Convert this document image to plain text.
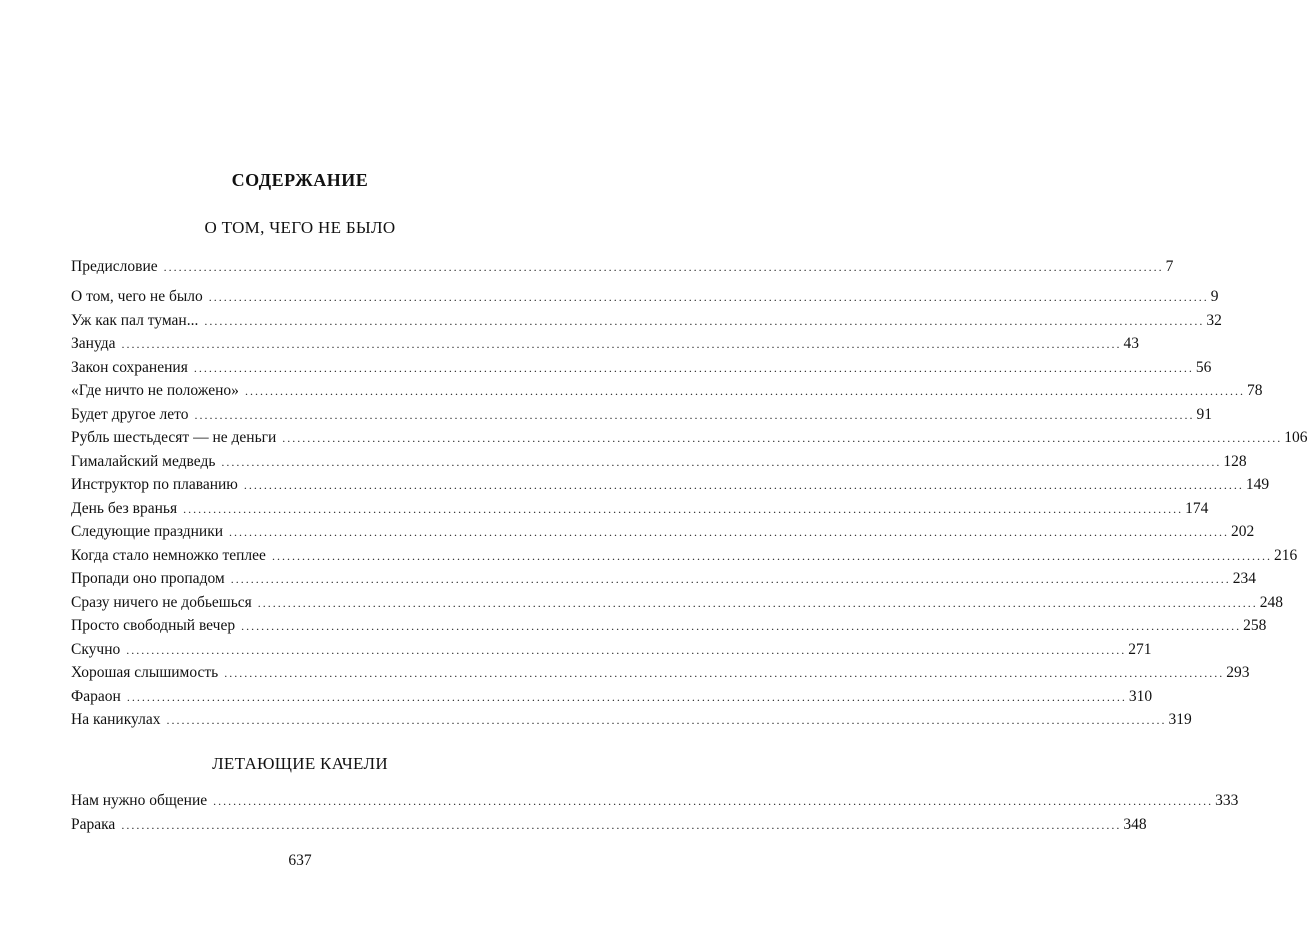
СОДЕРЖАНИЕ
О ТОМ, ЧЕГО НЕ БЫЛО
Предисловие ........................................................................................................................................................................................................ 7
О том, чего не было ........................................................................................................................................................................................................ 9
Уж как пал туман... ........................................................................................................................................................................................................ 32
Зануда ........................................................................................................................................................................................................ 43
Закон сохранения ........................................................................................................................................................................................................ 56
«Где ничто не положено» ........................................................................................................................................................................................................ 78
Будет другое лето ........................................................................................................................................................................................................ 91
Рубль шестьдесят — не деньги ........................................................................................................................................................................................................ 106
Гималайский медведь ........................................................................................................................................................................................................ 128
Инструктор по плаванию ........................................................................................................................................................................................................ 149
День без вранья ........................................................................................................................................................................................................ 174
Следующие праздники ........................................................................................................................................................................................................ 202
Когда стало немножко теплее ........................................................................................................................................................................................................ 216
Пропади оно пропадом ........................................................................................................................................................................................................ 234
Сразу ничего не добьешься ........................................................................................................................................................................................................ 248
Просто свободный вечер ........................................................................................................................................................................................................ 258
Скучно ........................................................................................................................................................................................................ 271
Хорошая слышимость ........................................................................................................................................................................................................ 293
Фараон ........................................................................................................................................................................................................ 310
На каникулах ........................................................................................................................................................................................................ 319
ЛЕТАЮЩИЕ КАЧЕЛИ
Нам нужно общение ........................................................................................................................................................................................................ 333
Рарака ........................................................................................................................................................................................................ 348
637
